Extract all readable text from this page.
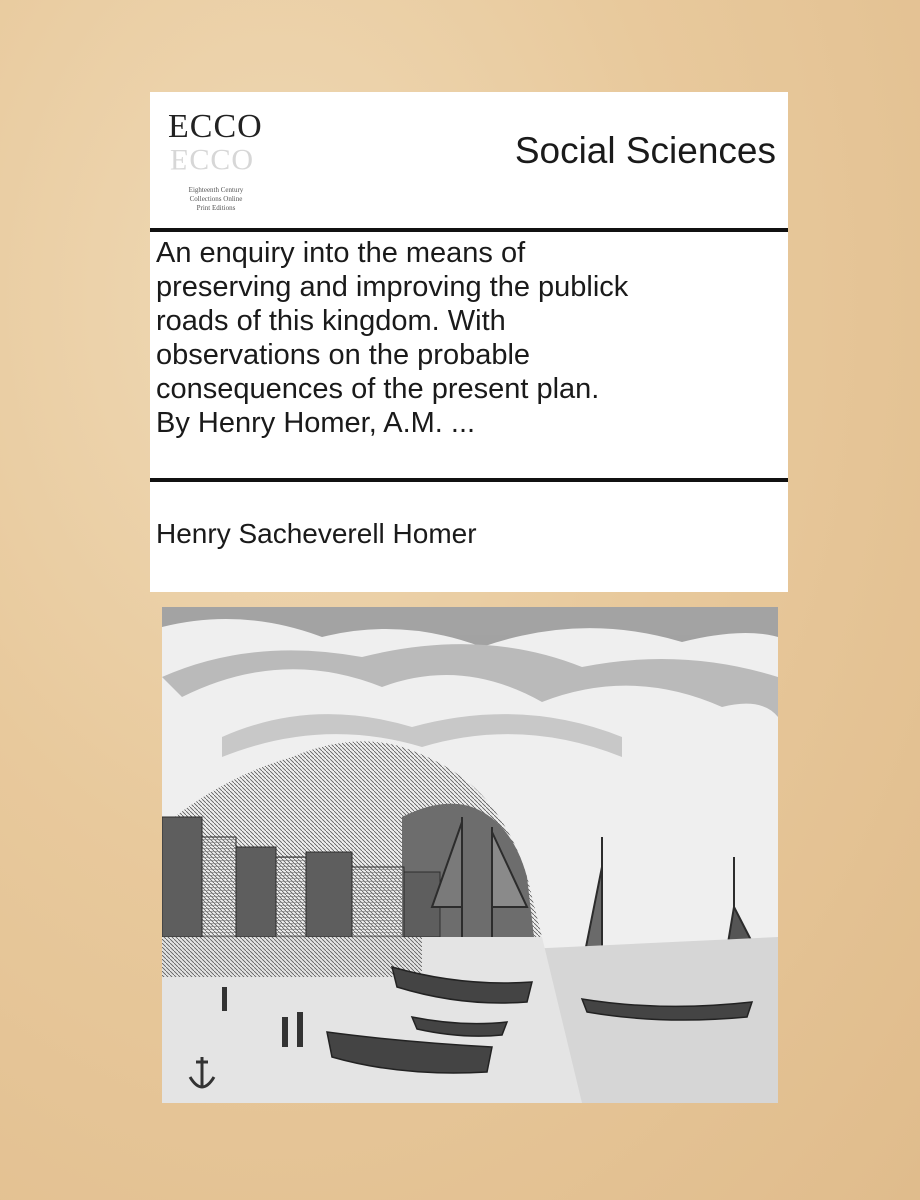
ECCO
ECCO
Eighteenth Century
Collections Online
Print Editions
Social Sciences
An enquiry into the means of
preserving and improving the publick
roads of this kingdom. With
observations on the probable
consequences of the present plan.
By Henry Homer, A.M. ...
Henry Sacheverell Homer
